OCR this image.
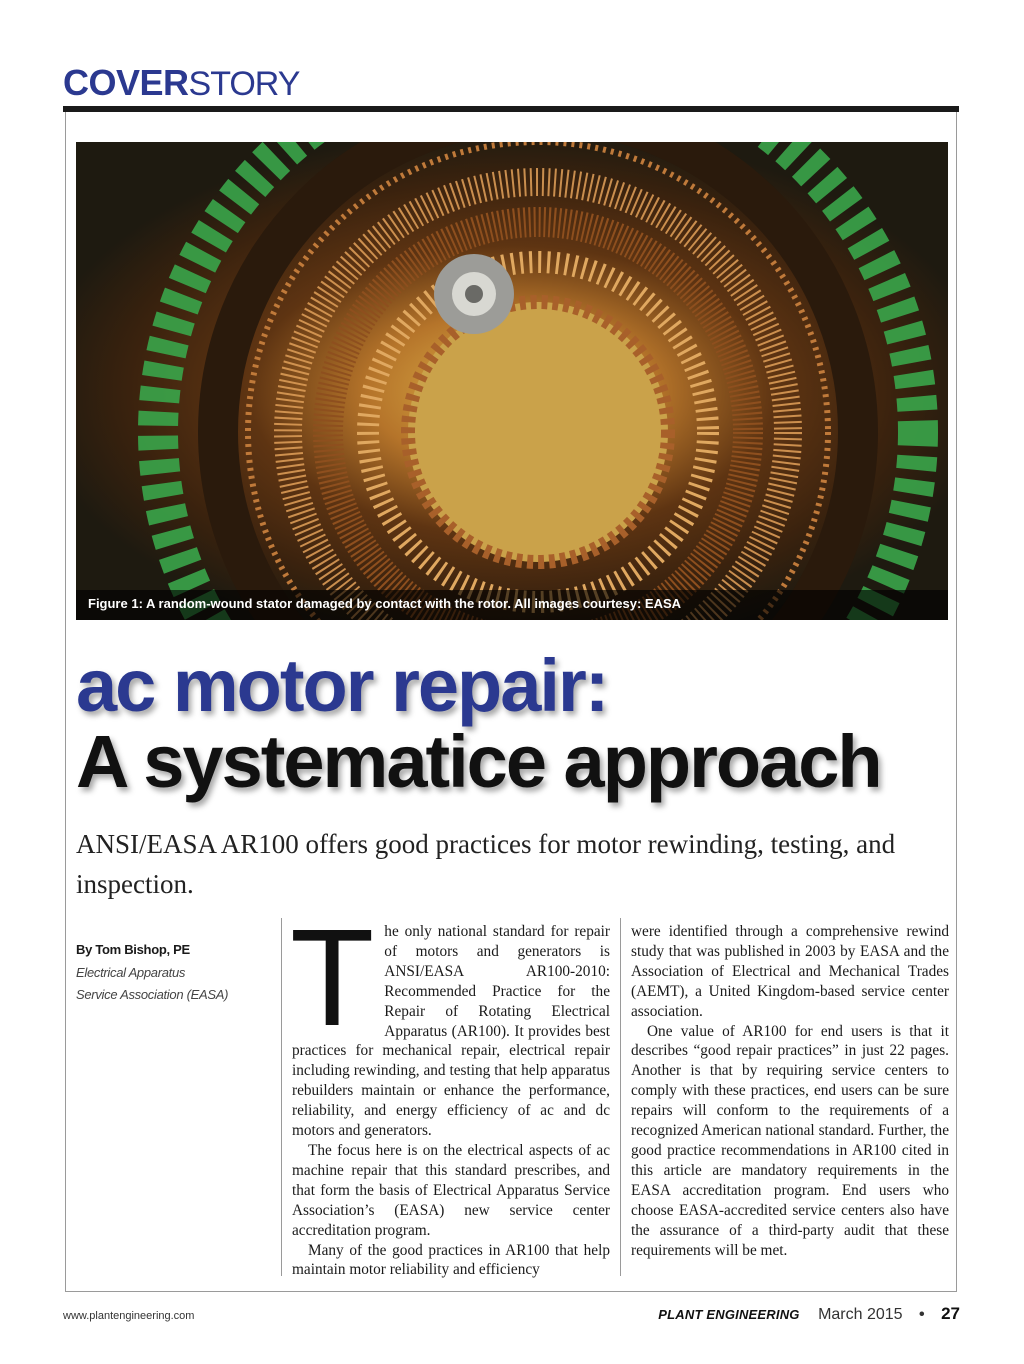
COVERSTORY
Figure 1: A random-wound stator damaged by contact with the rotor. All images courtesy: EASA
ac motor repair:
A systematice approach
ANSI/EASA AR100 offers good practices for motor rewinding, testing, and inspection.
By Tom Bishop, PE
Electrical Apparatus
Service Association (EASA) The only national standard for repair of motors and generators is ANSI/EASA AR100-2010: Recommended Practice for the Repair of Rotating Electrical Apparatus (AR100). It provides best practices for mechanical repair, electrical repair including rewinding, and testing that help apparatus rebuilders maintain or enhance the performance, reliability, and energy efficiency of ac and dc motors and generators.

The focus here is on the electrical aspects of ac machine repair that this standard prescribes, and that form the basis of Electrical Apparatus Service Association’s (EASA) new service center accreditation program.

Many of the good practices in AR100 that help maintain motor reliability and efficiency

were identified through a comprehensive rewind study that was published in 2003 by EASA and the Association of Electrical and Mechanical Trades (AEMT), a United Kingdom-based service center association.

One value of AR100 for end users is that it describes “good repair practices” in just 22 pages. Another is that by requiring service centers to comply with these practices, end users can be sure repairs will conform to the requirements of a recognized American national standard. Further, the good practice recommendations in AR100 cited in this article are mandatory requirements in the EASA accreditation program. End users who choose EASA-accredited service centers also have the assurance of a third-party audit that these requirements will be met.

www.plantengineering.com	PLANT ENGINEERING March 2015 • 27
